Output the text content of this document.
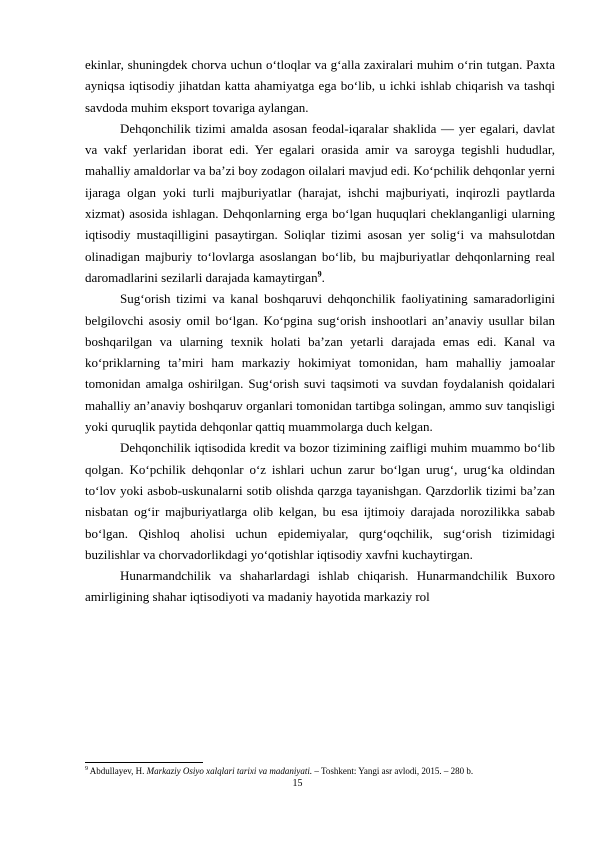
ekinlar, shuningdek chorva uchun o‘tloqlar va g‘alla zaxiralari muhim o‘rin tutgan. Paxta ayniqsa iqtisodiy jihatdan katta ahamiyatga ega bo‘lib, u ichki ishlab chiqarish va tashqi savdoda muhim eksport tovariga aylangan.

Dehqonchilik tizimi amalda asosan feodal-iqaralar shaklida — yer egalari, davlat va vakf yerlaridan iborat edi. Yer egalari orasida amir va saroyga tegishli hududlar, mahalliy amaldorlar va ba’zi boy zodagon oilalari mavjud edi. Ko‘pchilik dehqonlar yerni ijaraga olgan yoki turli majburiyatlar (harajat, ishchi majburiyati, inqirozli paytlarda xizmat) asosida ishlagan. Dehqonlarning erga bo‘lgan huquqlari cheklanganligi ularning iqtisodiy mustaqilligini pasaytirgan. Soliqlar tizimi asosan yer solig‘i va mahsulotdan olinadigan majburiy to‘lovlarga asoslangan bo‘lib, bu majburiyatlar dehqonlarning real daromadlarini sezilarli darajada kamaytirgan$^9$.

Sug‘orish tizimi va kanal boshqaruvi dehqonchilik faoliyatining samaradorligini belgilovchi asosiy omil bo‘lgan. Ko‘pgina sug‘orish inshootlari an’anaviy usullar bilan boshqarilgan va ularning texnik holati ba’zan yetarli darajada emas edi. Kanal va ko‘priklarning ta’miri ham markaziy hokimiyat tomonidan, ham mahalliy jamoalar tomonidan amalga oshirilgan. Sug‘orish suvi taqsimoti va suvdan foydalanish qoidalari mahalliy an’anaviy boshqaruv organlari tomonidan tartibga solingan, ammo suv tanqisligi yoki quruqlik paytida dehqonlar qattiq muammolarga duch kelgan.

Dehqonchilik iqtisodida kredit va bozor tizimining zaifligi muhim muammo bo‘lib qolgan. Ko‘pchilik dehqonlar o‘z ishlari uchun zarur bo‘lgan urug‘, urug‘ka oldindan to‘lov yoki asbob-uskunalarni sotib olishda qarzga tayanishgan. Qarzdorlik tizimi ba’zan nisbatan og‘ir majburiyatlarga olib kelgan, bu esa ijtimoiy darajada norozilikka sabab bo‘lgan. Qishloq aholisi uchun epidemiyalar, qurg‘oqchilik, sug‘orish tizimidagi buzilishlar va chorvadorlikdagi yo‘qotishlar iqtisodiy xavfni kuchaytirgan.

Hunarmandchilik va shaharlardagi ishlab chiqarish. Hunarmandchilik Buxoro amirligining shahar iqtisodiyoti va madaniy hayotida markaziy rol

$^9$ Abdullayev, H. Markaziy Osiyo xalqlari tarixi va madaniyati. – Toshkent: Yangi asr avlodi, 2015. – 280 b.
15
